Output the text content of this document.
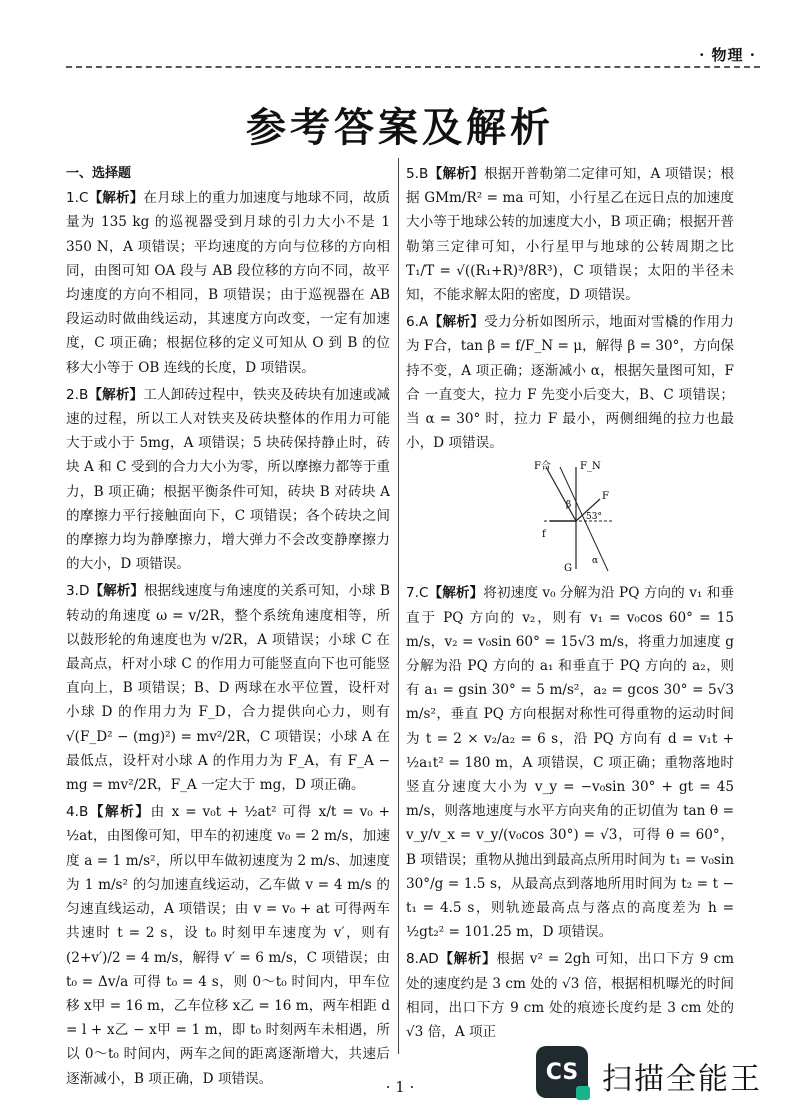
· 物理 ·
参考答案及解析
一、选择题

1.C【解析】在月球上的重力加速度与地球不同，故质量为 135 kg 的巡视器受到月球的引力大小不是 1 350 N，A 项错误；平均速度的方向与位移的方向相同，由图可知 OA 段与 AB 段位移的方向不同，故平均速度的方向不相同，B 项错误；由于巡视器在 AB 段运动时做曲线运动，其速度方向改变，一定有加速度，C 项正确；根据位移的定义可知从 O 到 B 的位移大小等于 OB 连线的长度，D 项错误。

2.B【解析】工人卸砖过程中，铁夹及砖块有加速或减速的过程，所以工人对铁夹及砖块整体的作用力可能大于或小于 5mg，A 项错误；5 块砖保持静止时，砖块 A 和 C 受到的合力大小为零，所以摩擦力都等于重力，B 项正确；根据平衡条件可知，砖块 B 对砖块 A 的摩擦力平行接触面向下，C 项错误；各个砖块之间的摩擦力均为静摩擦力，增大弹力不会改变静摩擦力的大小，D 项错误。

3.D【解析】根据线速度与角速度的关系可知，小球 B 转动的角速度 ω = v/2R，整个系统角速度相等，所以鼓形轮的角速度也为 v/2R，A 项错误；小球 C 在最高点，杆对小球 C 的作用力可能竖直向下也可能竖直向上，B 项错误；B、D 两球在水平位置，设杆对小球 D 的作用力为 F_D，合力提供向心力，则有 √(F_D² − (mg)²) = mv²/2R，C 项错误；小球 A 在最低点，设杆对小球 A 的作用力为 F_A，有 F_A − mg = mv²/2R，F_A 一定大于 mg，D 项正确。

4.B【解析】由 x = v₀t + ½at² 可得 x/t = v₀ + ½at，由图像可知，甲车的初速度 v₀ = 2 m/s，加速度 a = 1 m/s²，所以甲车做初速度为 2 m/s、加速度为 1 m/s² 的匀加速直线运动，乙车做 v = 4 m/s 的匀速直线运动，A 项错误；由 v = v₀ + at 可得两车共速时 t = 2 s，设 t₀ 时刻甲车速度为 v′，则有 (2+v′)/2 = 4 m/s，解得 v′ = 6 m/s，C 项错误；由 t₀ = Δv/a 可得 t₀ = 4 s，则 0～t₀ 时间内，甲车位移 x甲 = 16 m，乙车位移 x乙 = 16 m，两车相距 d = l + x乙 − x甲 = 1 m，即 t₀ 时刻两车未相遇，所以 0～t₀ 时间内，两车之间的距离逐渐增大，共速后逐渐减小，B 项正确，D 项错误。

5.B【解析】根据开普勒第二定律可知，A 项错误；根据 GMm/R² = ma 可知，小行星乙在远日点的加速度大小等于地球公转的加速度大小，B 项正确；根据开普勒第三定律可知，小行星甲与地球的公转周期之比 T₁/T = √((R₁+R)³/8R³)，C 项错误；太阳的半径未知，不能求解太阳的密度，D 项错误。

6.A【解析】受力分析如图所示，地面对雪橇的作用力为 F合，tan β = f/F_N = μ，解得 β = 30°，方向保持不变，A 项正确；逐渐减小 α，根据矢量图可知，F合 一直变大，拉力 F 先变小后变大，B、C 项错误；当 α = 30° 时，拉力 F 最小，两侧细绳的拉力也最小，D 项错误。

F合	F_N
β
F
53°
f
G
α

7.C【解析】将初速度 v₀ 分解为沿 PQ 方向的 v₁ 和垂直于 PQ 方向的 v₂，则有 v₁ = v₀cos 60° = 15 m/s，v₂ = v₀sin 60° = 15√3 m/s，将重力加速度 g 分解为沿 PQ 方向的 a₁ 和垂直于 PQ 方向的 a₂，则有 a₁ = gsin 30° = 5 m/s²，a₂ = gcos 30° = 5√3 m/s²，垂直 PQ 方向根据对称性可得重物的运动时间为 t = 2 × v₂/a₂ = 6 s，沿 PQ 方向有 d = v₁t + ½a₁t² = 180 m，A 项错误，C 项正确；重物落地时竖直分速度大小为 v_y = −v₀sin 30° + gt = 45 m/s，则落地速度与水平方向夹角的正切值为 tan θ = v_y/v_x = v_y/(v₀cos 30°) = √3，可得 θ = 60°，B 项错误；重物从抛出到最高点所用时间为 t₁ = v₀sin 30°/g = 1.5 s，从最高点到落地所用时间为 t₂ = t − t₁ = 4.5 s，则轨迹最高点与落点的高度差为 h = ½gt₂² = 101.25 m，D 项错误。

8.AD【解析】根据 v² = 2gh 可知，出口下方 9 cm 处的速度约是 3 cm 处的 √3 倍，根据相机曝光的时间相同，出口下方 9 cm 处的痕迹长度约是 3 cm 处的 √3 倍，A 项正

· 1 ·
CS 扫描全能王
